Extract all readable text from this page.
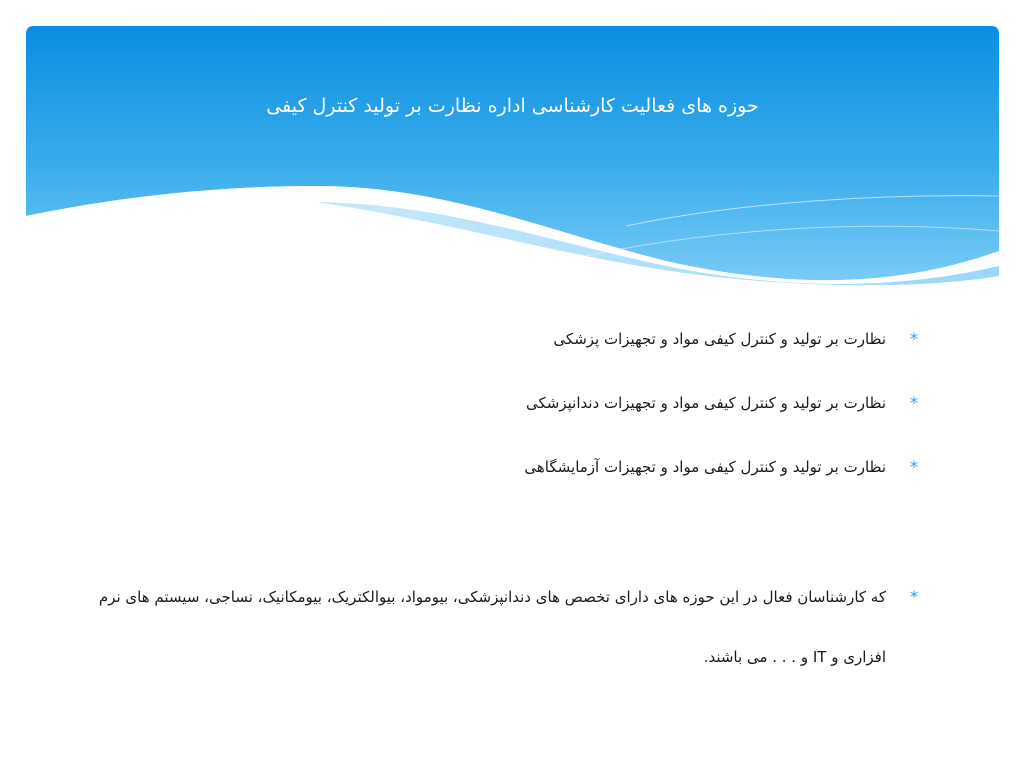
حوزه های فعالیت کارشناسی اداره نظارت بر تولید کنترل کیفی
*
نظارت بر تولید و کنترل کیفی مواد و تجهیزات پزشکی
*
نظارت بر تولید و کنترل کیفی مواد و تجهیزات دندانپزشکی
*
نظارت بر تولید و کنترل کیفی مواد و تجهیزات آزمایشگاهی
*
که کارشناسان فعال در این حوزه های دارای تخصص های دندانپزشکی، بیومواد، بیوالکتریک، بیومکانیک، نساجی، سیستم های نرم افزاری و IT و . . . می باشند.
